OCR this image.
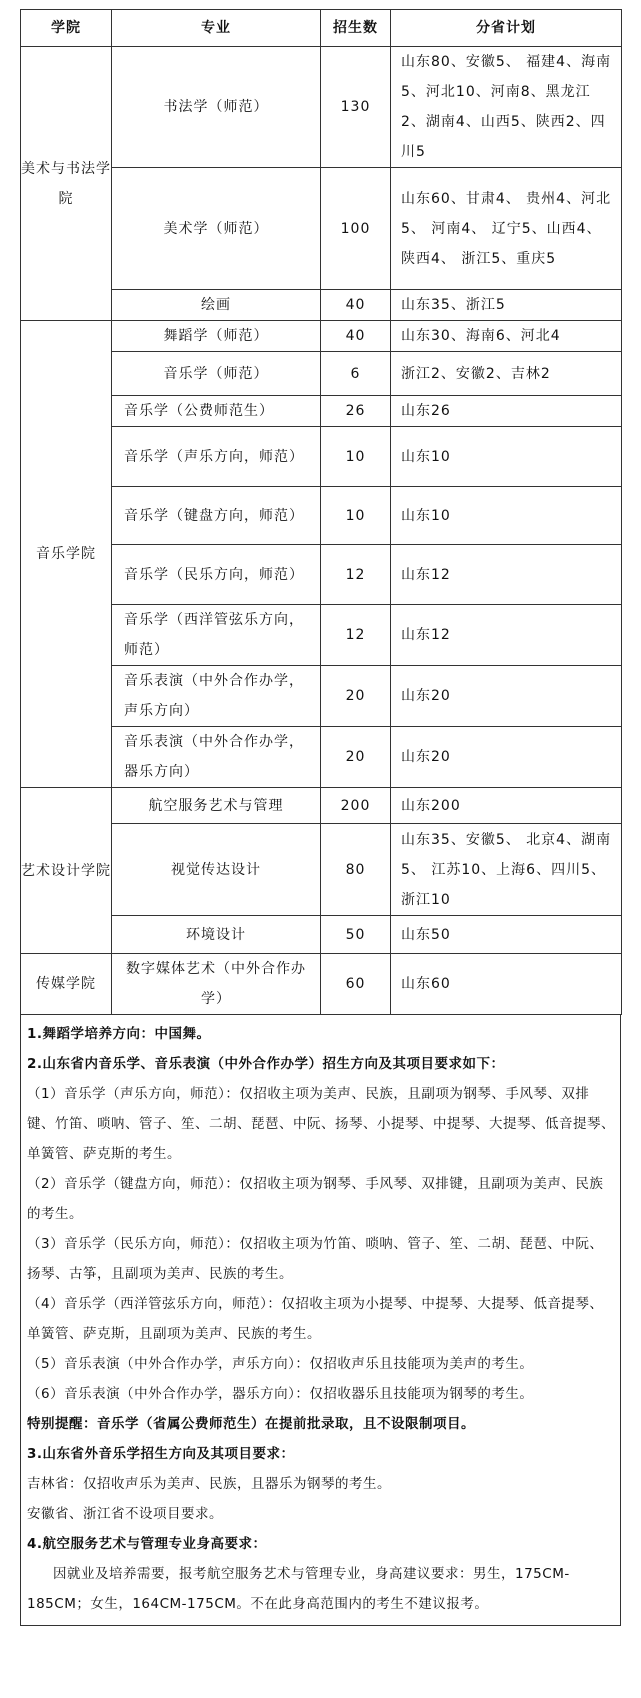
学院	专业	招生数	分省计划
美术与书法学院	书法学（师范）	130	山东80、安徽5、 福建4、海南5、河北10、河南8、黑龙江2、湖南4、山西5、陕西2、四川5
	美术学（师范）	100	山东60、甘肃4、 贵州4、河北5、 河南4、 辽宁5、山西4、 陕西4、 浙江5、重庆5
	绘画	40	山东35、浙江5
音乐学院	舞蹈学（师范）	40	山东30、海南6、河北4
	音乐学（师范）	6	浙江2、安徽2、吉林2
	音乐学（公费师范生）	26	山东26
	音乐学（声乐方向，师范）	10	山东10
	音乐学（键盘方向，师范）	10	山东10
	音乐学（民乐方向，师范）	12	山东12
	音乐学（西洋管弦乐方向，师范）	12	山东12
	音乐表演（中外合作办学，声乐方向）	20	山东20
	音乐表演（中外合作办学，器乐方向）	20	山东20
艺术设计学院	航空服务艺术与管理	200	山东200
	视觉传达设计	80	山东35、安徽5、 北京4、湖南5、 江苏10、上海6、四川5、 浙江10
	环境设计	50	山东50
传媒学院	数字媒体艺术（中外合作办学）	60	山东60

1.舞蹈学培养方向：中国舞。

2.山东省内音乐学、音乐表演（中外合作办学）招生方向及其项目要求如下：

（1）音乐学（声乐方向，师范）：仅招收主项为美声、民族，且副项为钢琴、手风琴、双排键、竹笛、唢呐、管子、笙、二胡、琵琶、中阮、扬琴、小提琴、中提琴、大提琴、低音提琴、单簧管、萨克斯的考生。

（2）音乐学（键盘方向，师范）：仅招收主项为钢琴、手风琴、双排键，且副项为美声、民族的考生。

（3）音乐学（民乐方向，师范）：仅招收主项为竹笛、唢呐、管子、笙、二胡、琵琶、中阮、扬琴、古筝，且副项为美声、民族的考生。

（4）音乐学（西洋管弦乐方向，师范）：仅招收主项为小提琴、中提琴、大提琴、低音提琴、单簧管、萨克斯，且副项为美声、民族的考生。

（5）音乐表演（中外合作办学，声乐方向）：仅招收声乐且技能项为美声的考生。

（6）音乐表演（中外合作办学，器乐方向）：仅招收器乐且技能项为钢琴的考生。

特别提醒：音乐学（省属公费师范生）在提前批录取，且不设限制项目。

3.山东省外音乐学招生方向及其项目要求：

吉林省：仅招收声乐为美声、民族，且器乐为钢琴的考生。

安徽省、浙江省不设项目要求。

4.航空服务艺术与管理专业身高要求：

因就业及培养需要，报考航空服务艺术与管理专业，身高建议要求：男生，175CM-185CM；女生，164CM-175CM。不在此身高范围内的考生不建议报考。
